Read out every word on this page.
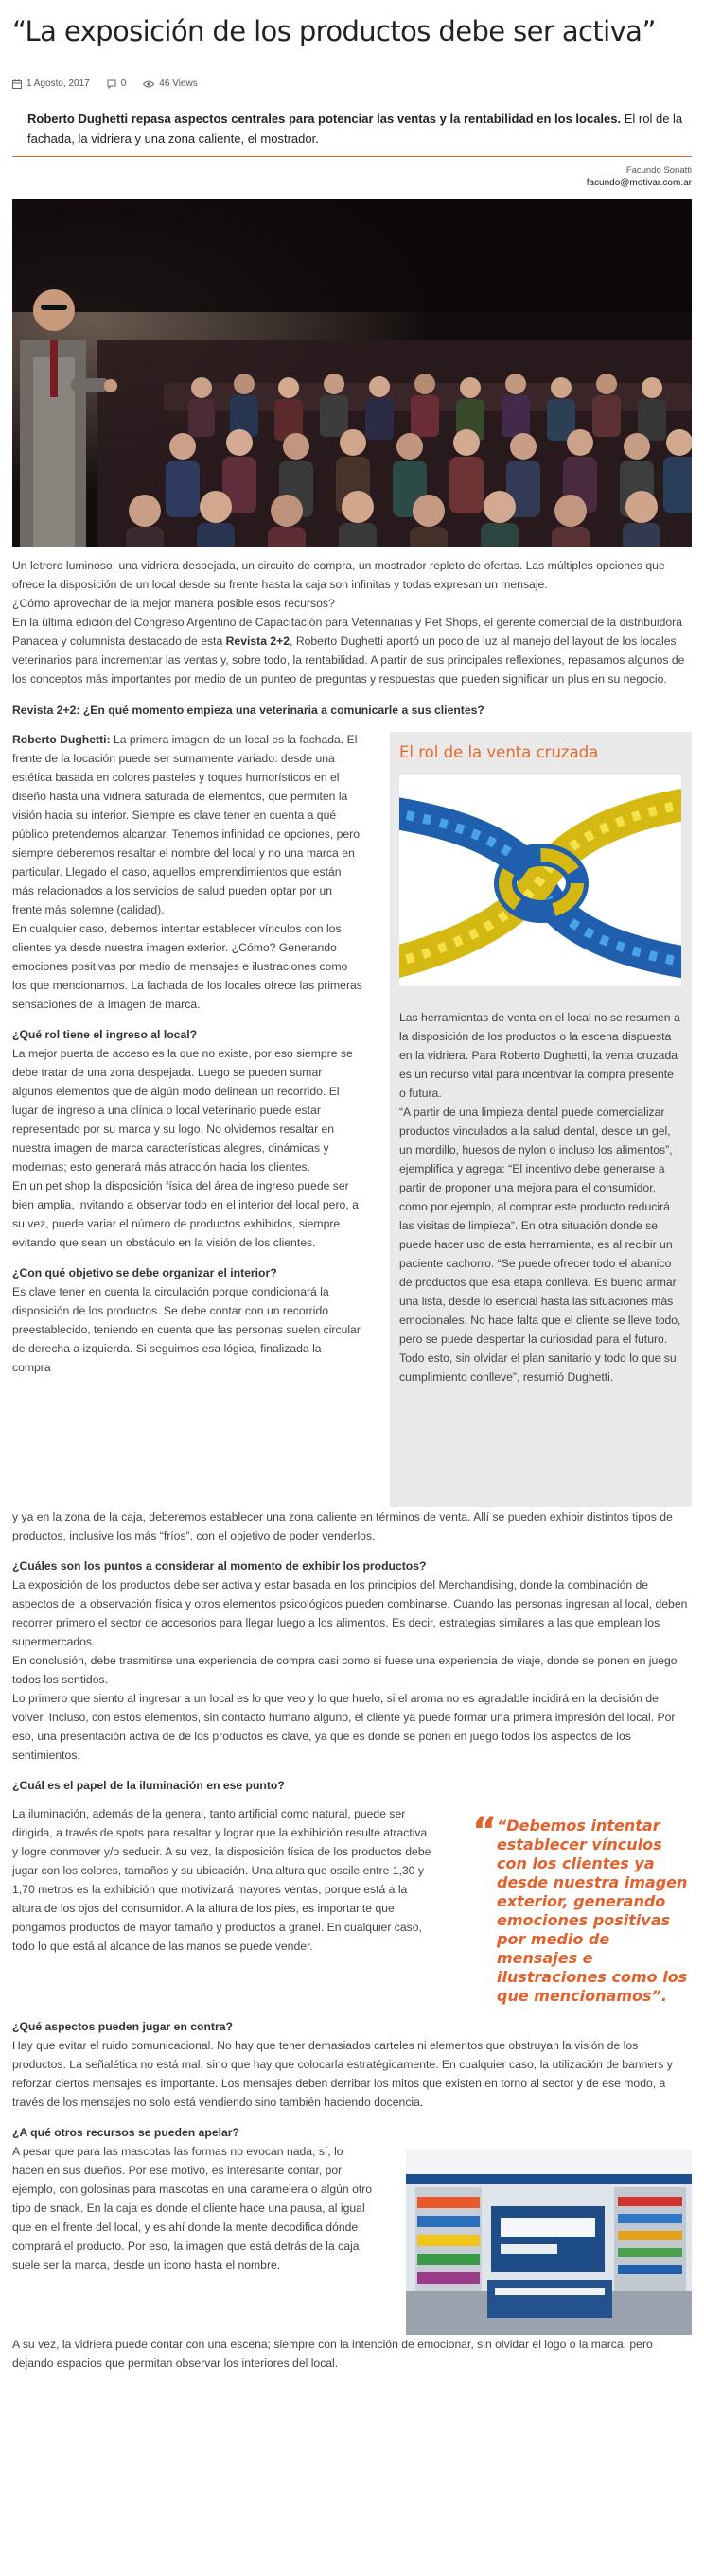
“La exposición de los productos debe ser activa”
1 Agosto, 2017	0	46 Views

Roberto Dughetti repasa aspectos centrales para potenciar las ventas y la rentabilidad en los locales. El rol de la fachada, la vidriera y una zona caliente, el mostrador.

Facundo Sonatti
facundo@motivar.com.ar

Un letrero luminoso, una vidriera despejada, un circuito de compra, un mostrador repleto de ofertas. Las múltiples opciones que ofrece la disposición de un local desde su frente hasta la caja son infinitas y todas expresan un mensaje.

¿Cómo aprovechar de la mejor manera posible esos recursos?

En la última edición del Congreso Argentino de Capacitación para Veterinarias y Pet Shops, el gerente comercial de la distribuidora Panacea y columnista destacado de esta Revista 2+2, Roberto Dughetti aportó un poco de luz al manejo del layout de los locales veterinarios para incrementar las ventas y, sobre todo, la rentabilidad. A partir de sus principales reflexiones, repasamos algunos de los conceptos más importantes por medio de un punteo de preguntas y respuestas que pueden significar un plus en su negocio.

Revista 2+2: ¿En qué momento empieza una veterinaria a comunicarle a sus clientes?

Roberto Dughetti: La primera imagen de un local es la fachada. El frente de la locación puede ser sumamente variado: desde una estética basada en colores pasteles y toques humorísticos en el diseño hasta una vidriera saturada de elementos, que permiten la visión hacia su interior. Siempre es clave tener en cuenta a qué público pretendemos alcanzar. Tenemos infinidad de opciones, pero siempre deberemos resaltar el nombre del local y no una marca en particular. Llegado el caso, aquellos emprendimientos que están más relacionados a los servicios de salud pueden optar por un frente más solemne (calidad).

En cualquier caso, debemos intentar establecer vínculos con los clientes ya desde nuestra imagen exterior. ¿Cómo? Generando emociones positivas por medio de mensajes e ilustraciones como los que mencionamos. La fachada de los locales ofrece las primeras sensaciones de la imagen de marca.

¿Qué rol tiene el ingreso al local?

La mejor puerta de acceso es la que no existe, por eso siempre se debe tratar de una zona despejada. Luego se pueden sumar algunos elementos que de algún modo delinean un recorrido. El lugar de ingreso a una clínica o local veterinario puede estar representado por su marca y su logo. No olvidemos resaltar en nuestra imagen de marca características alegres, dinámicas y modernas; esto generará más atracción hacia los clientes.

En un pet shop la disposición física del área de ingreso puede ser bien amplia, invitando a observar todo en el interior del local pero, a su vez, puede variar el número de productos exhibidos, siempre evitando que sean un obstáculo en la visión de los clientes.

¿Con qué objetivo se debe organizar el interior?

Es clave tener en cuenta la circulación porque condicionará la disposición de los productos. Se debe contar con un recorrido preestablecido, teniendo en cuenta que las personas suelen circular de derecha a izquierda. Si seguimos esa lógica, finalizada la compra

El rol de la venta cruzada

Las herramientas de venta en el local no se resumen a la disposición de los productos o la escena dispuesta en la vidriera. Para Roberto Dughetti, la venta cruzada es un recurso vital para incentivar la compra presente o futura.

“A partir de una limpieza dental puede comercializar productos vinculados a la salud dental, desde un gel, un mordillo, huesos de nylon o incluso los alimentos”, ejemplifica y agrega: “El incentivo debe generarse a partir de proponer una mejora para el consumidor, como por ejemplo, al comprar este producto reducirá las visitas de limpieza”. En otra situación donde se puede hacer uso de esta herramienta, es al recibir un paciente cachorro. “Se puede ofrecer todo el abanico de productos que esa etapa conlleva. Es bueno armar una lista, desde lo esencial hasta las situaciones más emocionales. No hace falta que el cliente se lleve todo, pero se puede despertar la curiosidad para el futuro. Todo esto, sin olvidar el plan sanitario y todo lo que su cumplimiento conlleve”, resumió Dughetti.

y ya en la zona de la caja, deberemos establecer una zona caliente en términos de venta. Allí se pueden exhibir distintos tipos de productos, inclusive los más “fríos”, con el objetivo de poder venderlos.

¿Cuáles son los puntos a considerar al momento de exhibir los productos?

La exposición de los productos debe ser activa y estar basada en los principios del Merchandising, donde la combinación de aspectos de la observación física y otros elementos psicológicos pueden combinarse. Cuando las personas ingresan al local, deben recorrer primero el sector de accesorios para llegar luego a los alimentos. Es decir, estrategias similares a las que emplean los supermercados.

En conclusión, debe trasmitirse una experiencia de compra casi como si fuese una experiencia de viaje, donde se ponen en juego todos los sentidos.

Lo primero que siento al ingresar a un local es lo que veo y lo que huelo, si el aroma no es agradable incidirá en la decisión de volver. Incluso, con estos elementos, sin contacto humano alguno, el cliente ya puede formar una primera impresión del local. Por eso, una presentación activa de de los productos es clave, ya que es donde se ponen en juego todos los aspectos de los sentimientos.

¿Cuál es el papel de la iluminación en ese punto?

La iluminación, además de la general, tanto artificial como natural, puede ser dirigida, a través de spots para resaltar y lograr que la exhibición resulte atractiva y logre conmover y/o seducir. A su vez, la disposición física de los productos debe jugar con los colores, tamaños y su ubicación. Una altura que oscile entre 1,30 y 1,70 metros es la exhibición que motivizará mayores ventas, porque está a la altura de los ojos del consumidor. A la altura de los pies, es importante que pongamos productos de mayor tamaño y productos a granel. En cualquier caso, todo lo que está al alcance de las manos se puede vender.

“ “Debemos intentar establecer vínculos con los clientes ya desde nuestra imagen exterior, generando emociones positivas por medio de mensajes e ilustraciones como los que mencionamos”.

¿Qué aspectos pueden jugar en contra?

Hay que evitar el ruido comunicacional. No hay que tener demasiados carteles ni elementos que obstruyan la visión de los productos. La señalética no está mal, sino que hay que colocarla estratégicamente. En cualquier caso, la utilización de banners y reforzar ciertos mensajes es importante. Los mensajes deben derribar los mitos que existen en torno al sector y de ese modo, a través de los mensajes no solo está vendiendo sino también haciendo docencia.

¿A qué otros recursos se pueden apelar?

A pesar que para las mascotas las formas no evocan nada, sí, lo hacen en sus dueños. Por ese motivo, es interesante contar, por ejemplo, con golosinas para mascotas en una caramelera o algún otro tipo de snack. En la caja es donde el cliente hace una pausa, al igual que en el frente del local, y es ahí donde la mente decodifica dónde comprará el producto. Por eso, la imagen que está detrás de la caja suele ser la marca, desde un icono hasta el nombre.

A su vez, la vidriera puede contar con una escena; siempre con la intención de emocionar, sin olvidar el logo o la marca, pero dejando espacios que permitan observar los interiores del local.
